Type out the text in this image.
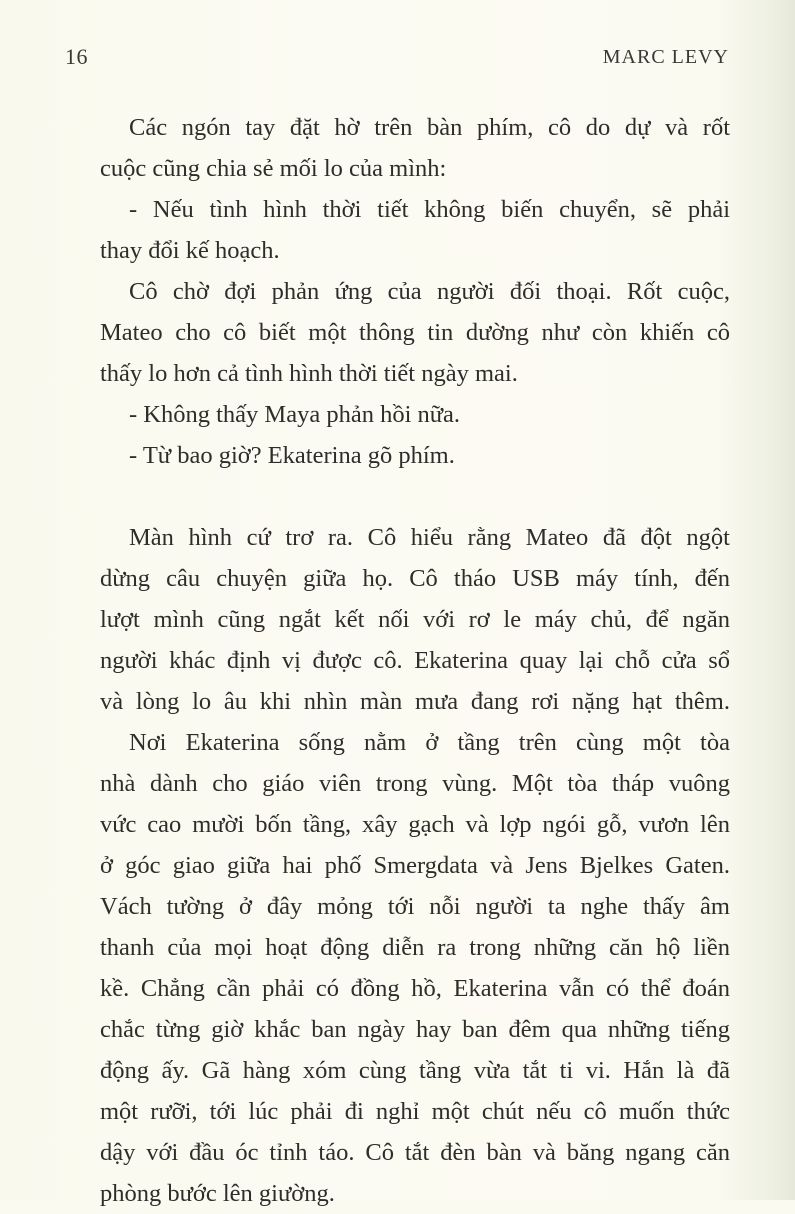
16	MARC LEVY
Các ngón tay đặt hờ trên bàn phím, cô do dự và rốt
cuộc cũng chia sẻ mối lo của mình:
- Nếu tình hình thời tiết không biến chuyển, sẽ phải
thay đổi kế hoạch.
Cô chờ đợi phản ứng của người đối thoại. Rốt cuộc,
Mateo cho cô biết một thông tin dường như còn khiến cô
thấy lo hơn cả tình hình thời tiết ngày mai.
- Không thấy Maya phản hồi nữa.
- Từ bao giờ? Ekaterina gõ phím.
Màn hình cứ trơ ra. Cô hiểu rằng Mateo đã đột ngột
dừng câu chuyện giữa họ. Cô tháo USB máy tính, đến
lượt mình cũng ngắt kết nối với rơ le máy chủ, để ngăn
người khác định vị được cô. Ekaterina quay lại chỗ cửa sổ
và lòng lo âu khi nhìn màn mưa đang rơi nặng hạt thêm.
Nơi Ekaterina sống nằm ở tầng trên cùng một tòa
nhà dành cho giáo viên trong vùng. Một tòa tháp vuông
vức cao mười bốn tầng, xây gạch và lợp ngói gỗ, vươn lên
ở góc giao giữa hai phố Smergdata và Jens Bjelkes Gaten.
Vách tường ở đây mỏng tới nỗi người ta nghe thấy âm
thanh của mọi hoạt động diễn ra trong những căn hộ liền
kề. Chẳng cần phải có đồng hồ, Ekaterina vẫn có thể đoán
chắc từng giờ khắc ban ngày hay ban đêm qua những tiếng
động ấy. Gã hàng xóm cùng tầng vừa tắt ti vi. Hắn là đã
một rưỡi, tới lúc phải đi nghỉ một chút nếu cô muốn thức
dậy với đầu óc tỉnh táo. Cô tắt đèn bàn và băng ngang căn
phòng bước lên giường.
